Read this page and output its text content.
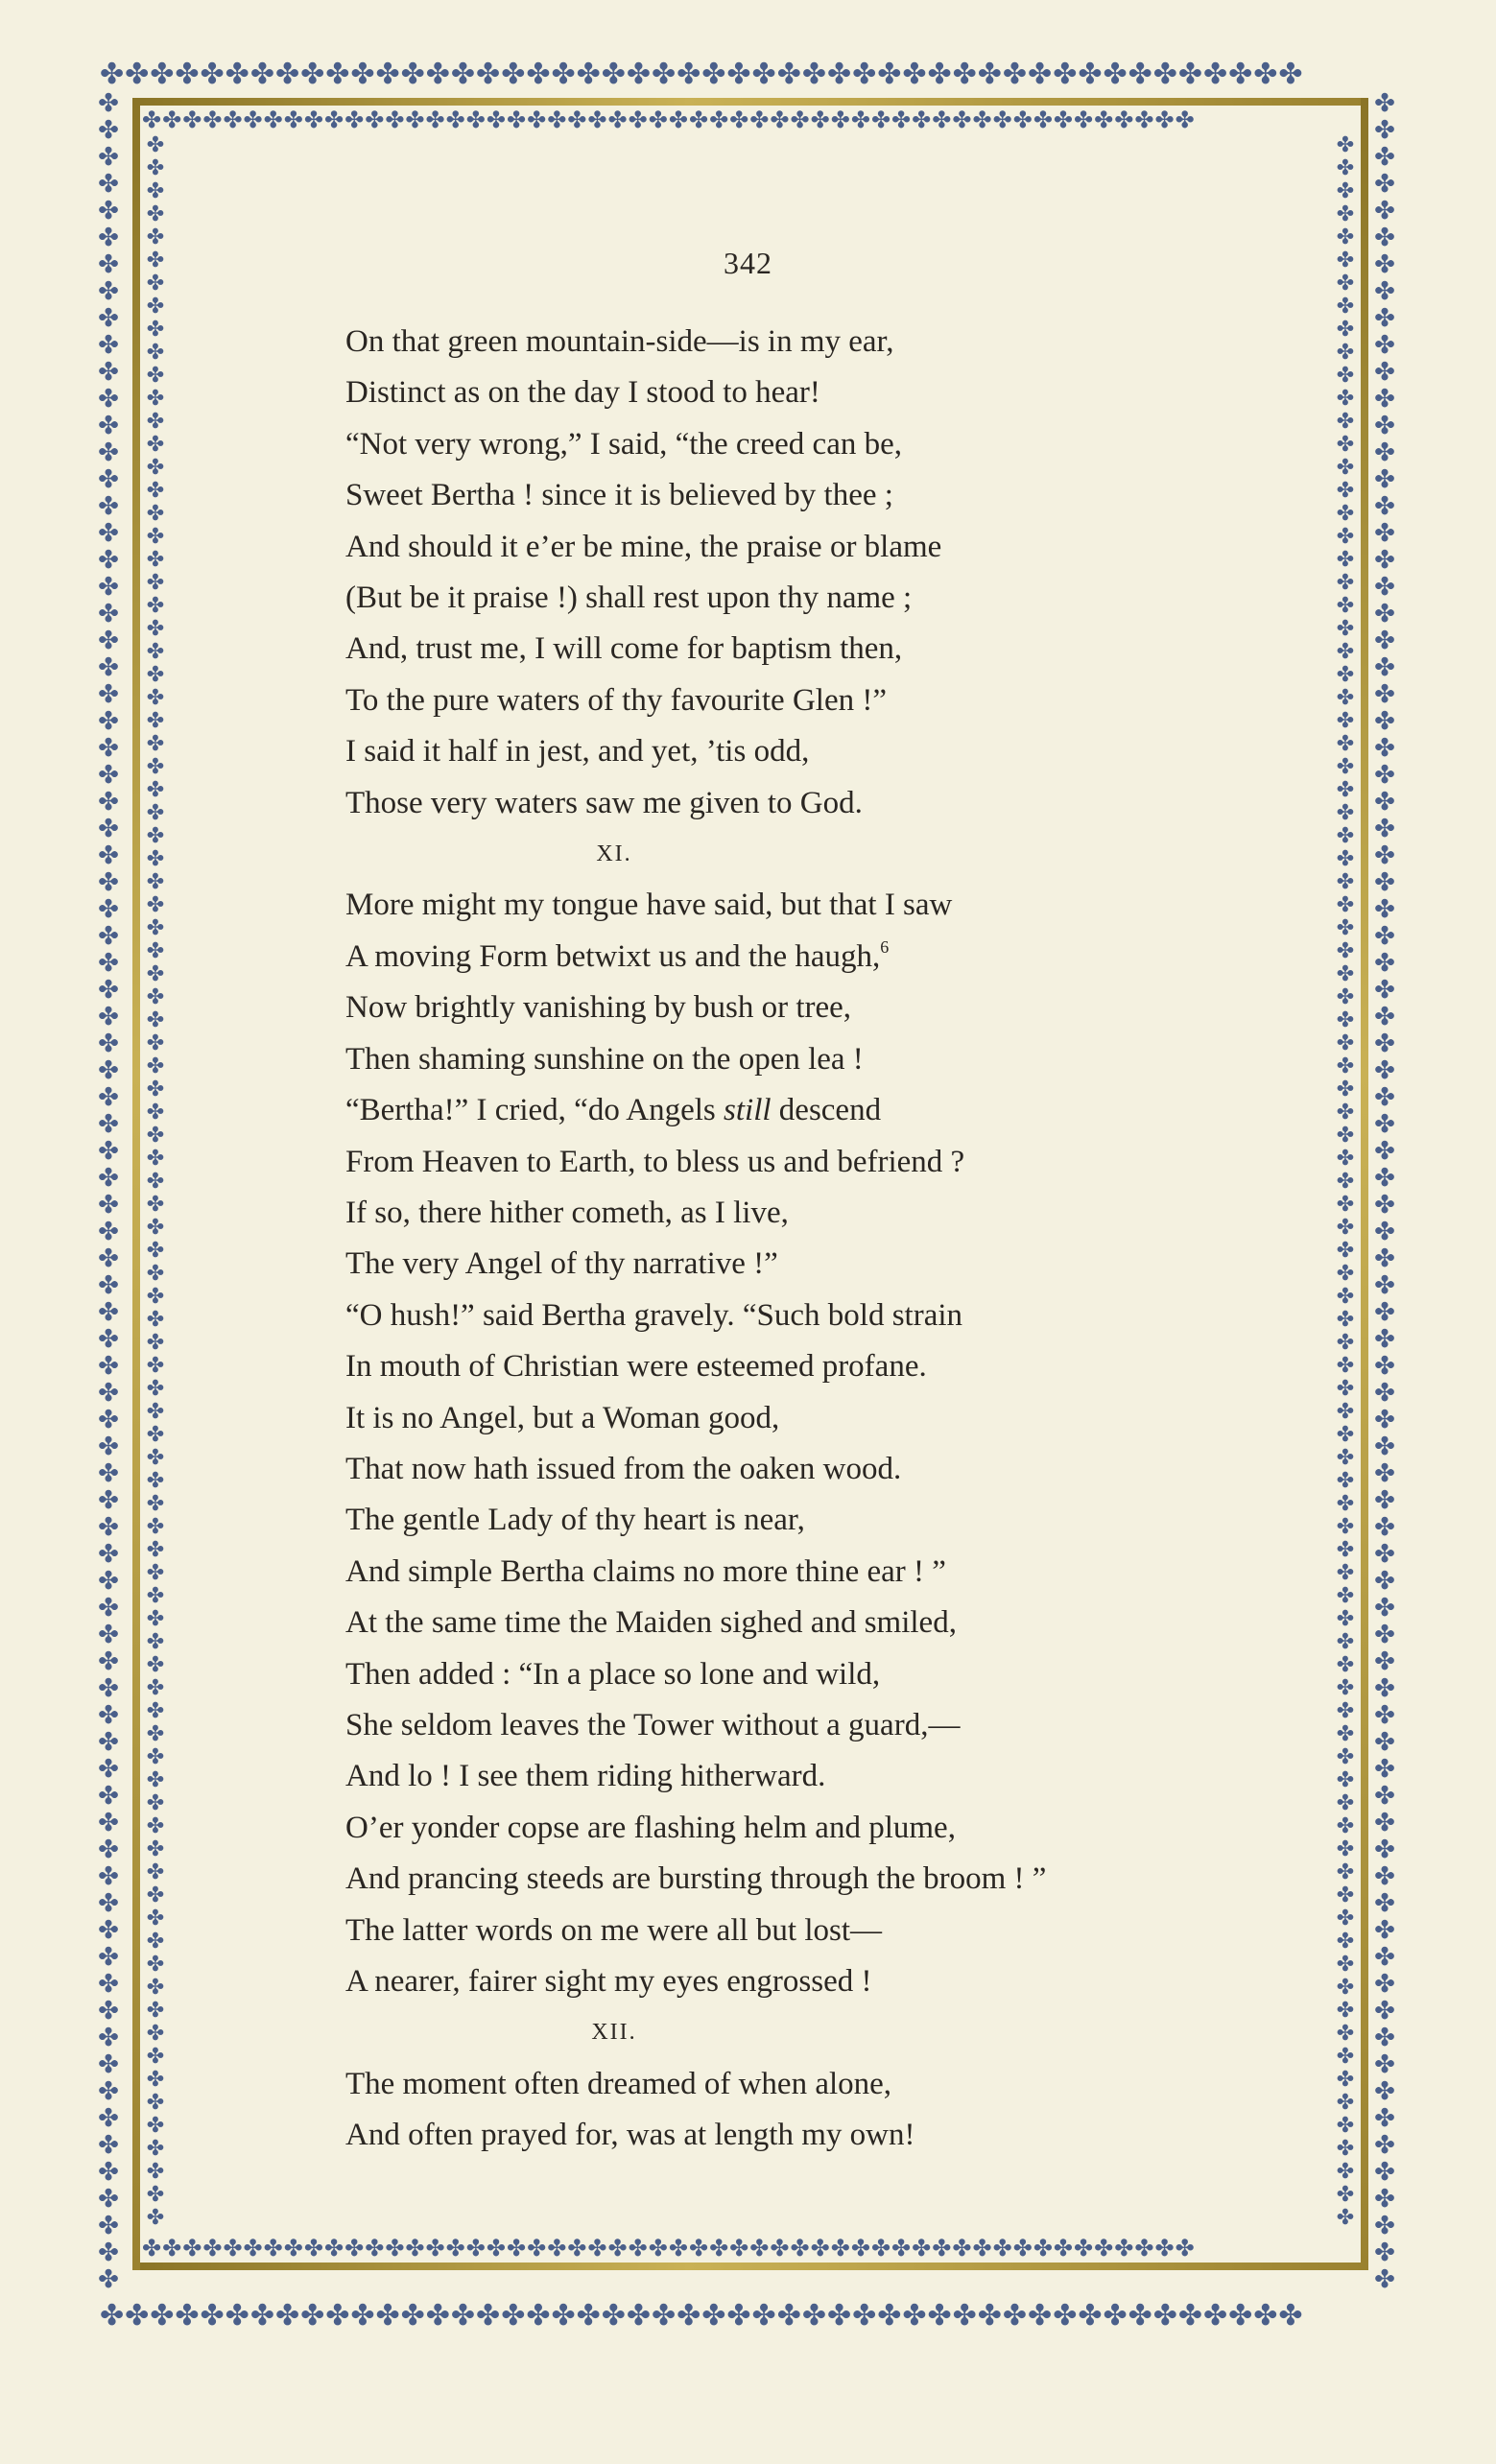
✤✤✤✤✤✤✤✤✤✤✤✤✤✤✤✤✤✤✤✤✤✤✤✤✤✤✤✤✤✤✤✤✤✤✤✤✤✤✤✤✤✤✤✤✤✤✤✤
✤✤✤✤✤✤✤✤✤✤✤✤✤✤✤✤✤✤✤✤✤✤✤✤✤✤✤✤✤✤✤✤✤✤✤✤✤✤✤✤✤✤✤✤✤✤✤✤
✤✤✤✤✤✤✤✤✤✤✤✤✤✤✤✤✤✤✤✤✤✤✤✤✤✤✤✤✤✤✤✤✤✤✤✤✤✤✤✤✤✤✤✤✤✤✤✤✤✤✤✤✤✤✤✤✤✤✤✤✤✤✤✤✤✤✤✤✤✤✤✤✤✤✤✤✤✤✤✤✤✤
✤✤✤✤✤✤✤✤✤✤✤✤✤✤✤✤✤✤✤✤✤✤✤✤✤✤✤✤✤✤✤✤✤✤✤✤✤✤✤✤✤✤✤✤✤✤✤✤✤✤✤✤✤✤✤✤✤✤✤✤✤✤✤✤✤✤✤✤✤✤✤✤✤✤✤✤✤✤✤✤✤✤
✤✤✤✤✤✤✤✤✤✤✤✤✤✤✤✤✤✤✤✤✤✤✤✤✤✤✤✤✤✤✤✤✤✤✤✤✤✤✤✤✤✤✤✤✤✤✤✤✤✤✤✤
✤✤✤✤✤✤✤✤✤✤✤✤✤✤✤✤✤✤✤✤✤✤✤✤✤✤✤✤✤✤✤✤✤✤✤✤✤✤✤✤✤✤✤✤✤✤✤✤✤✤✤✤
✤✤✤✤✤✤✤✤✤✤✤✤✤✤✤✤✤✤✤✤✤✤✤✤✤✤✤✤✤✤✤✤✤✤✤✤✤✤✤✤✤✤✤✤✤✤✤✤✤✤✤✤✤✤✤✤✤✤✤✤✤✤✤✤✤✤✤✤✤✤✤✤✤✤✤✤✤✤✤✤✤✤✤✤✤✤✤✤✤✤✤
✤✤✤✤✤✤✤✤✤✤✤✤✤✤✤✤✤✤✤✤✤✤✤✤✤✤✤✤✤✤✤✤✤✤✤✤✤✤✤✤✤✤✤✤✤✤✤✤✤✤✤✤✤✤✤✤✤✤✤✤✤✤✤✤✤✤✤✤✤✤✤✤✤✤✤✤✤✤✤✤✤✤✤✤✤✤✤✤✤✤✤
342
On that green mountain-side—is in my ear,
Distinct as on the day I stood to hear!
“Not very wrong,” I said, “the creed can be,
Sweet Bertha ! since it is believed by thee ;
And should it e’er be mine, the praise or blame
(But be it praise !) shall rest upon thy name ;
And, trust me, I will come for baptism then,
To the pure waters of thy favourite Glen !”
I said it half in jest, and yet, ’tis odd,
Those very waters saw me given to God.
XI.
More might my tongue have said, but that I saw
A moving Form betwixt us and the haugh,$^6$
Now brightly vanishing by bush or tree,
Then shaming sunshine on the open lea !
“Bertha!” I cried, “do Angels still descend
From Heaven to Earth, to bless us and befriend ?
If so, there hither cometh, as I live,
The very Angel of thy narrative !”
“O hush!” said Bertha gravely. “Such bold strain
In mouth of Christian were esteemed profane.
It is no Angel, but a Woman good,
That now hath issued from the oaken wood.
The gentle Lady of thy heart is near,
And simple Bertha claims no more thine ear ! ”
At the same time the Maiden sighed and smiled,
Then added : “In a place so lone and wild,
She seldom leaves the Tower without a guard,—
And lo ! I see them riding hitherward.
O’er yonder copse are flashing helm and plume,
And prancing steeds are bursting through the broom ! ”
The latter words on me were all but lost—
A nearer, fairer sight my eyes engrossed !
XII.
The moment often dreamed of when alone,
And often prayed for, was at length my own!
